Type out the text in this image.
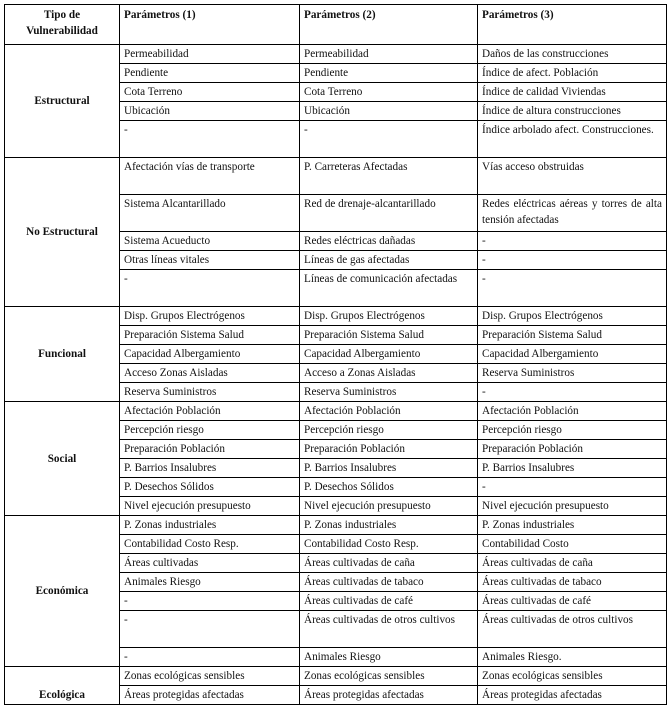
Tipo de
Vulnerabilidad	Parámetros (1)	Parámetros (2)	Parámetros (3)
Estructural	Permeabilidad	Permeabilidad	Daños de las construcciones
	Pendiente	Pendiente	Índice de afect. Población
	Cota Terreno	Cota Terreno	Índice de calidad Viviendas
	Ubicación	Ubicación	Índice de altura construcciones
	-	-	Índice arbolado afect. Construcciones.
No Estructural	Afectación vías de transporte	P. Carreteras Afectadas	Vías acceso obstruidas
	Sistema Alcantarillado	Red de drenaje-alcantarillado	Redes eléctricas aéreas y torres de alta tensión afectadas
	Sistema Acueducto	Redes eléctricas dañadas	-
	Otras líneas vitales	Líneas de gas afectadas	-
	-	Líneas de comunicación afectadas	-
Funcional	Disp. Grupos Electrógenos	Disp. Grupos Electrógenos	Disp. Grupos Electrógenos
	Preparación Sistema Salud	Preparación Sistema Salud	Preparación Sistema Salud
	Capacidad Albergamiento	Capacidad Albergamiento	Capacidad Albergamiento
	Acceso Zonas Aisladas	Acceso a Zonas Aisladas	Reserva Suministros
	Reserva Suministros	Reserva Suministros	-
Social	Afectación Población	Afectación Población	Afectación Población
	Percepción riesgo	Percepción riesgo	Percepción riesgo
	Preparación Población	Preparación Población	Preparación Población
	P. Barrios Insalubres	P. Barrios Insalubres	P. Barrios Insalubres
	P. Desechos Sólidos	P. Desechos Sólidos	-
	Nivel ejecución presupuesto	Nivel ejecución presupuesto	Nivel ejecución presupuesto
Económica	P. Zonas industriales	P. Zonas industriales	P. Zonas industriales
	Contabilidad Costo Resp.	Contabilidad Costo Resp.	Contabilidad Costo
	Áreas cultivadas	Áreas cultivadas de caña	Áreas cultivadas de caña
	Animales Riesgo	Áreas cultivadas de tabaco	Áreas cultivadas de tabaco
	-	Áreas cultivadas de café	Áreas cultivadas de café
	-	Áreas cultivadas de otros cultivos	Áreas cultivadas de otros cultivos
	-	Animales Riesgo	Animales Riesgo.
Ecológica	Zonas ecológicas sensibles	Zonas ecológicas sensibles	Zonas ecológicas sensibles
	Áreas protegidas afectadas	Áreas protegidas afectadas	Áreas protegidas afectadas
